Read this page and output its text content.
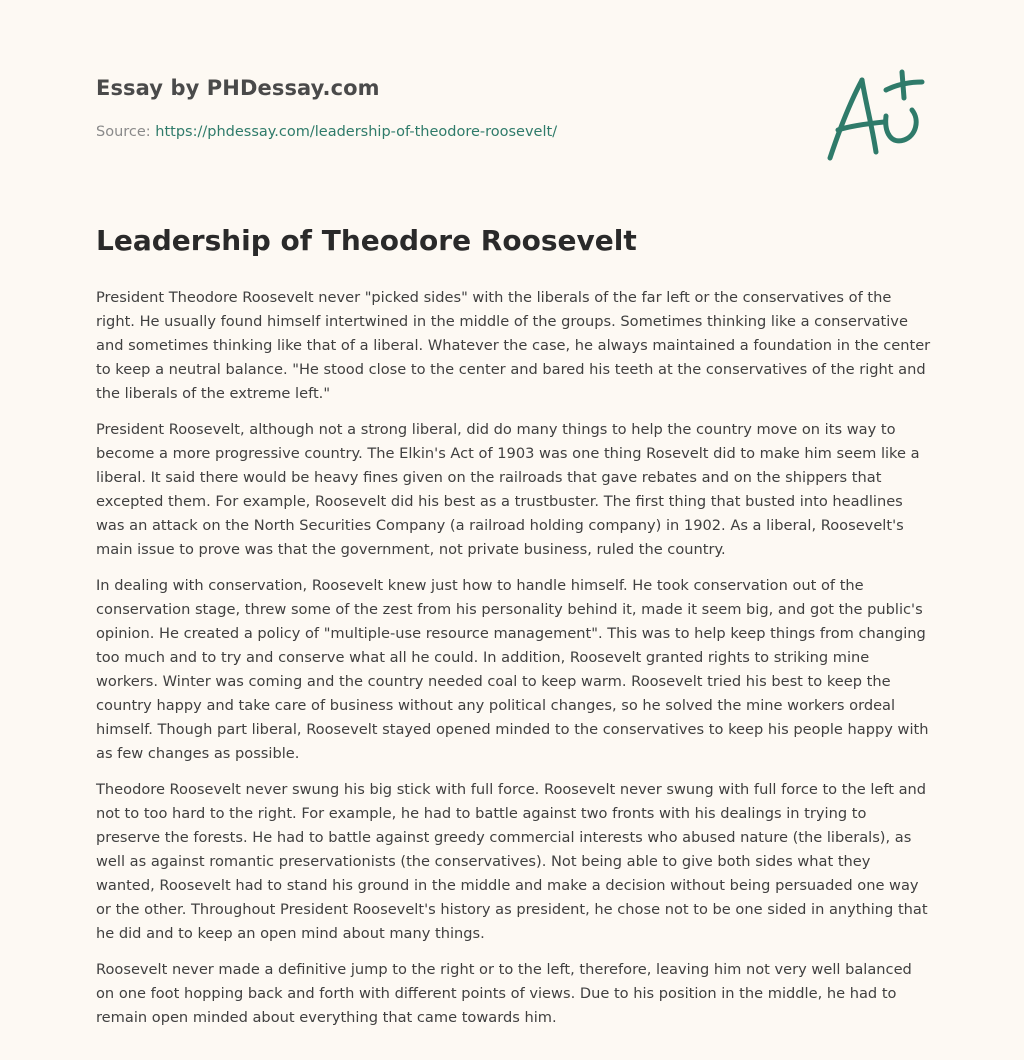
Essay by PHDessay.com
Source: https://phdessay.com/leadership-of-theodore-roosevelt/
Leadership of Theodore Roosevelt

President Theodore Roosevelt never "picked sides" with the liberals of the far left or the conservatives of the right. He usually found himself intertwined in the middle of the groups. Sometimes thinking like a conservative and sometimes thinking like that of a liberal. Whatever the case, he always maintained a foundation in the center to keep a neutral balance. "He stood close to the center and bared his teeth at the conservatives of the right and the liberals of the extreme left."

President Roosevelt, although not a strong liberal, did do many things to help the country move on its way to become a more progressive country. The Elkin's Act of 1903 was one thing Rosevelt did to make him seem like a liberal. It said there would be heavy fines given on the railroads that gave rebates and on the shippers that excepted them. For example, Roosevelt did his best as a trustbuster. The first thing that busted into headlines was an attack on the North Securities Company (a railroad holding company) in 1902. As a liberal, Roosevelt's main issue to prove was that the government, not private business, ruled the country.

In dealing with conservation, Roosevelt knew just how to handle himself. He took conservation out of the conservation stage, threw some of the zest from his personality behind it, made it seem big, and got the public's opinion. He created a policy of "multiple-use resource management". This was to help keep things from changing too much and to try and conserve what all he could. In addition, Roosevelt granted rights to striking mine workers. Winter was coming and the country needed coal to keep warm. Roosevelt tried his best to keep the country happy and take care of business without any political changes, so he solved the mine workers ordeal himself. Though part liberal, Roosevelt stayed opened minded to the conservatives to keep his people happy with as few changes as possible.

Theodore Roosevelt never swung his big stick with full force. Roosevelt never swung with full force to the left and not to too hard to the right. For example, he had to battle against two fronts with his dealings in trying to preserve the forests. He had to battle against greedy commercial interests who abused nature (the liberals), as well as against romantic preservationists (the conservatives). Not being able to give both sides what they wanted, Roosevelt had to stand his ground in the middle and make a decision without being persuaded one way or the other. Throughout President Roosevelt's history as president, he chose not to be one sided in anything that he did and to keep an open mind about many things.

Roosevelt never made a definitive jump to the right or to the left, therefore, leaving him not very well balanced on one foot hopping back and forth with different points of views. Due to his position in the middle, he had to remain open minded about everything that came towards him.
